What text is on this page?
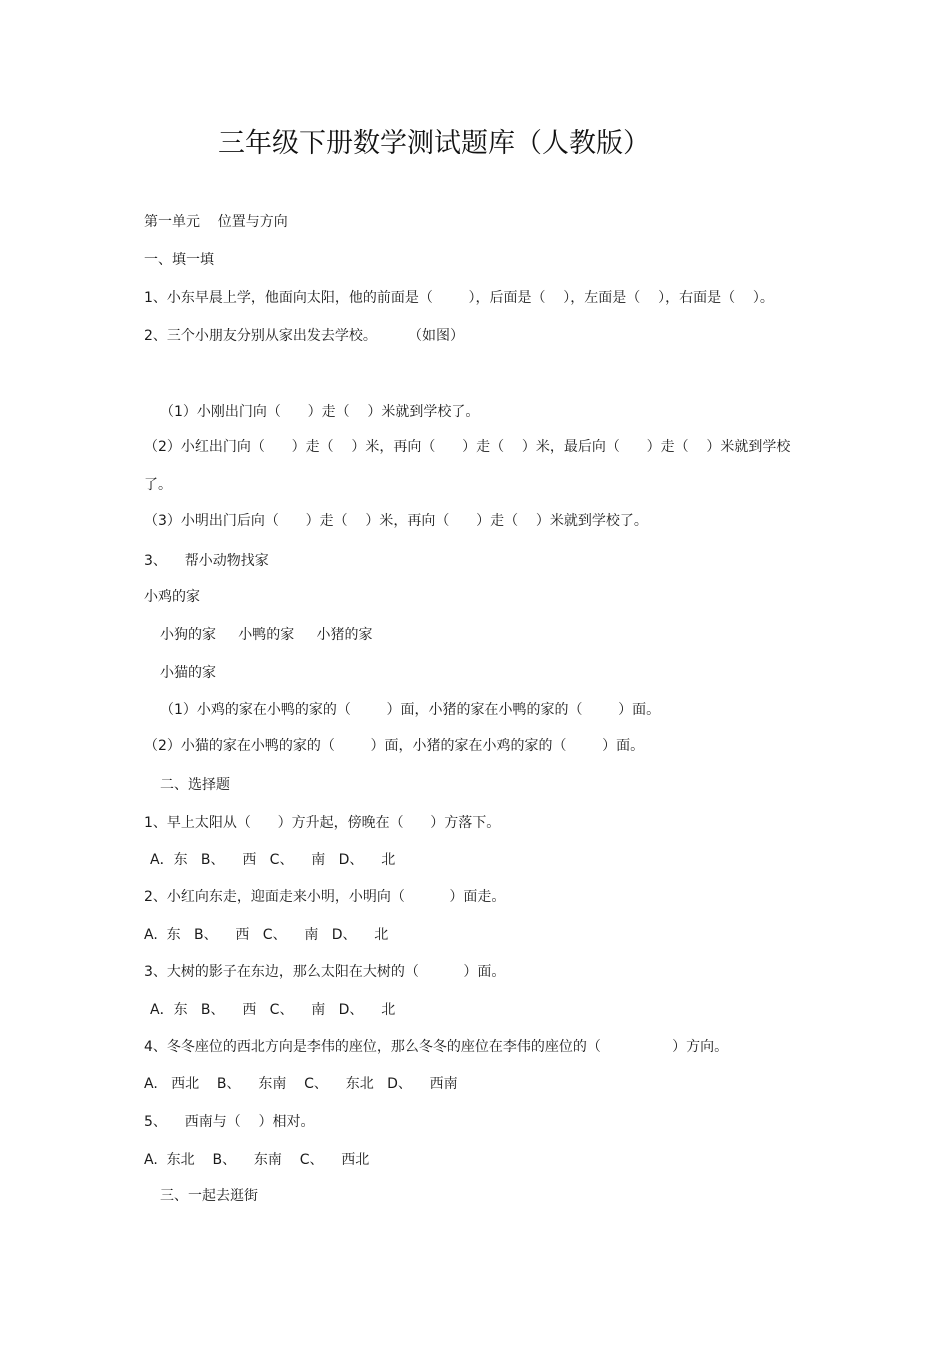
三年级下册数学测试题库（人教版）
第一单元    位置与方向
一、填一填
1、小东早晨上学，他面向太阳，他的前面是（        ），后面是（    ），左面是（    ），右面是（    ）。
2、三个小朋友分别从家出发去学校。       （如图）
（1）小刚出门向（      ）走（    ）米就到学校了。
（2）小红出门向（      ）走（    ）米，再向（      ）走（    ）米，最后向（      ）走（    ）米就到学校
了。
（3）小明出门后向（      ）走（    ）米，再向（      ）走（    ）米就到学校了。
3、    帮小动物找家
小鸡的家
小狗的家     小鸭的家     小猪的家
小猫的家
（1）小鸡的家在小鸭的家的（        ）面，小猪的家在小鸭的家的（        ）面。
（2）小猫的家在小鸭的家的（        ）面，小猪的家在小鸡的家的（        ）面。
二、选择题
1、早上太阳从（      ）方升起，傍晚在（      ）方落下。
A．东   B、    西   C、    南   D、    北
2、小红向东走，迎面走来小明，小明向（          ）面走。
A.  东   B、    西   C、    南   D、    北
3、大树的影子在东边，那么太阳在大树的（          ）面。
A．东   B、    西   C、    南   D、    北
4、冬冬座位的西北方向是李伟的座位，那么冬冬的座位在李伟的座位的（                ）方向。
A.   西北    B、    东南    C、    东北   D、    西南
5、    西南与（    ）相对。
A.  东北    B、    东南    C、    西北
三、一起去逛街
